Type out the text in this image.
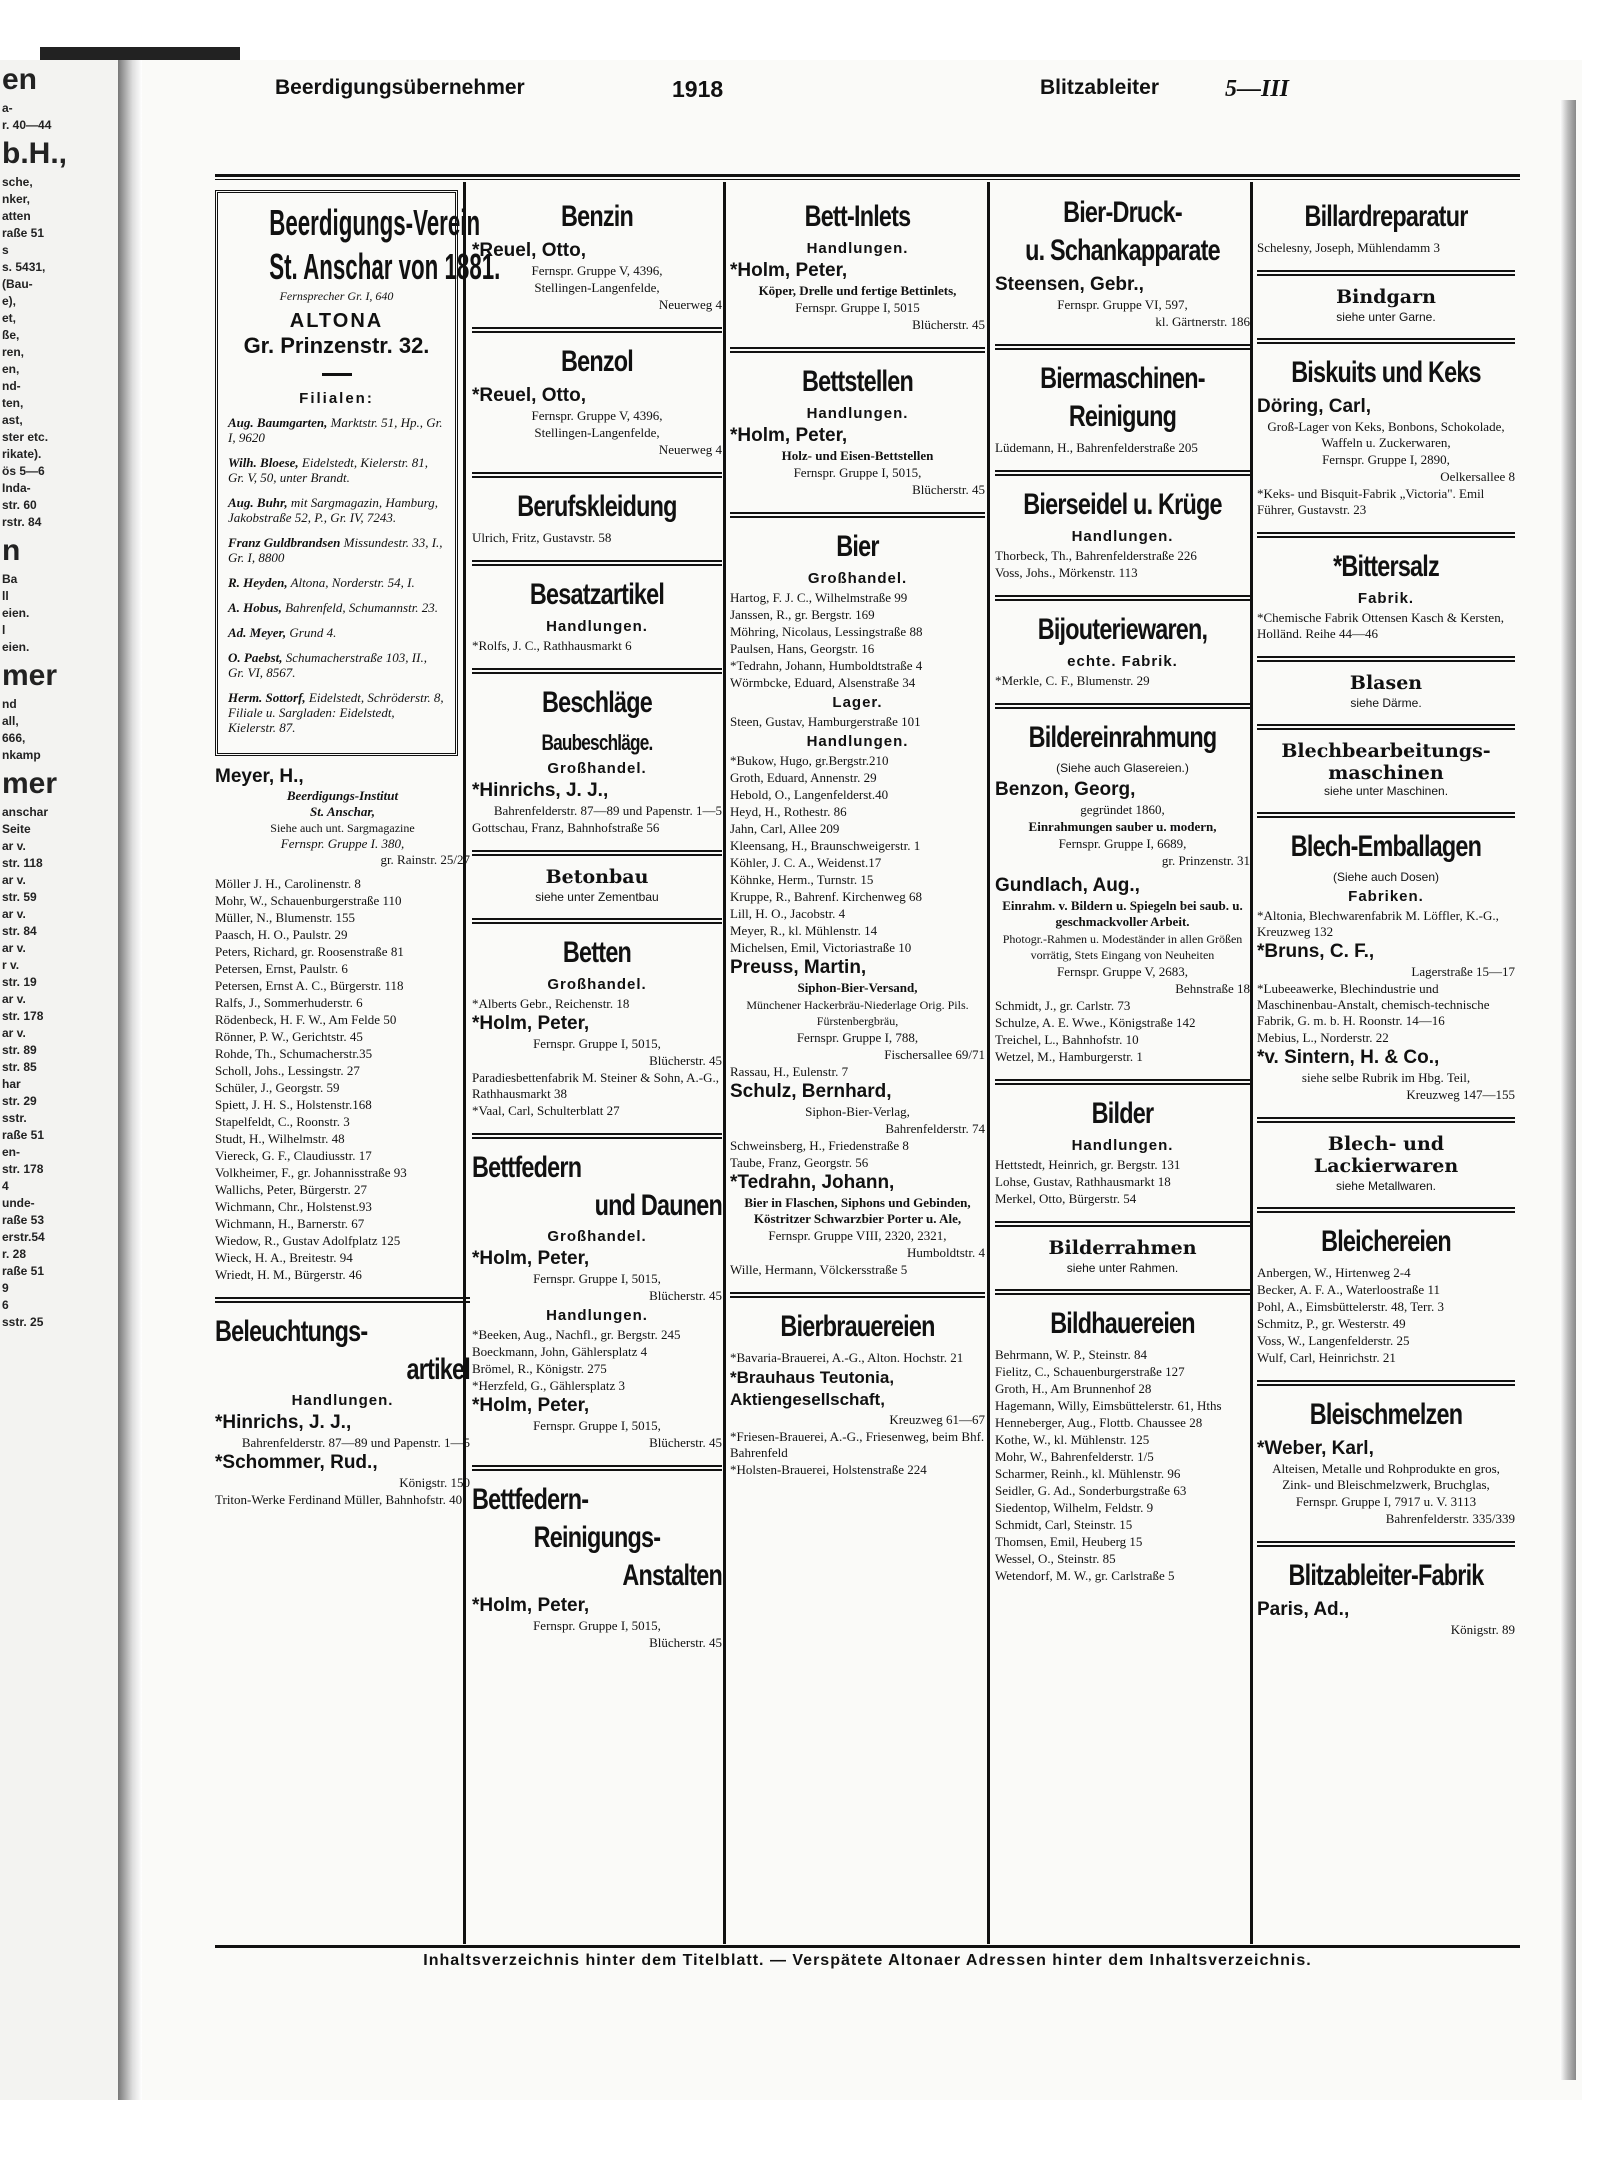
en
a-
r. 40—44
b.H.,
sche,
nker,
atten
raße 51
s
s. 5431,
(Bau-
e),
et,
ße,
ren,
en,
nd-
ten,
ast,
ster etc.
rikate).
ös 5—6
Inda-
str. 60
rstr. 84
n
Ba
ll
eien.
l
eien.
mer
nd
all,
666,
nkamp
mer
anschar
Seite
ar v.
str. 118
ar v.
str. 59
ar v.
str. 84
ar v.
r v.
str. 19
ar v.
str. 178
ar v.
str. 89
str. 85
har
str. 29
sstr.
raße 51
en-
str. 178
4
unde-
raße 53
erstr.54
r. 28
raße 51
9
6
sstr. 25
Beerdigungsübernehmer	1918	Blitzableiter	5—III
Inhaltsverzeichnis hinter dem Titelblatt. — Verspätete Altonaer Adressen hinter dem Inhaltsverzeichnis.
Beerdigungs-Verein
St. Anschar von 1881.
Fernsprecher Gr. I, 640
ALTONA
Gr. Prinzenstr. 32.
Filialen:
Aug. Baumgarten, Marktstr. 51, Hp., Gr. I, 9620
Wilh. Bloese, Eidelstedt, Kielerstr. 81, Gr. V, 50, unter Brandt.
Aug. Buhr, mit Sargmagazin, Hamburg, Jakobstraße 52, P., Gr. IV, 7243.
Franz Guldbrandsen Missundestr. 33, I., Gr. I, 8800
R. Heyden, Altona, Norderstr. 54, I.
A. Hobus, Bahrenfeld, Schumannstr. 23.
Ad. Meyer, Grund 4.
O. Paebst, Schumacherstraße 103, II., Gr. VI, 8567.
Herm. Sottorf, Eidelstedt, Schröderstr. 8, Filiale u. Sargladen: Eidelstedt, Kielerstr. 87.
Meyer, H.,
Beerdigungs-Institut
St. Anschar,
Siehe auch unt. Sargmagazine
Fernspr. Gruppe I. 380,
gr. Rainstr. 25/27
Möller J. H., Carolinenstr. 8
Mohr, W., Schauenburgerstraße 110
Müller, N., Blumenstr. 155
Paasch, H. O., Paulstr. 29
Peters, Richard, gr. Roosenstraße 81
Petersen, Ernst, Paulstr. 6
Petersen, Ernst A. C., Bürgerstr. 118
Ralfs, J., Sommerhuderstr. 6
Rödenbeck, H. F. W., Am Felde 50
Rönner, P. W., Gerichtstr. 45
Rohde, Th., Schumacherstr.35
Scholl, Johs., Lessingstr. 27
Schüler, J., Georgstr. 59
Spiett, J. H. S., Holstenstr.168
Stapelfeldt, C., Roonstr. 3
Studt, H., Wilhelmstr. 48
Viereck, G. F., Claudiusstr. 17
Volkheimer, F., gr. Johannisstraße 93
Wallichs, Peter, Bürgerstr. 27
Wichmann, Chr., Holstenst.93
Wichmann, H., Barnerstr. 67
Wiedow, R., Gustav Adolfplatz 125
Wieck, H. A., Breitestr. 94
Wriedt, H. M., Bürgerstr. 46
Beleuchtungs-
artikel
Handlungen.
*Hinrichs, J. J.,
Bahrenfelderstr. 87—89 und Papenstr. 1—5
*Schommer, Rud.,
Königstr. 150
Triton-Werke Ferdinand Müller, Bahnhofstr. 40
Benzin
*Reuel, Otto,
Fernspr. Gruppe V, 4396,
Stellingen-Langenfelde,
Neuerweg 4
Benzol
*Reuel, Otto,
Fernspr. Gruppe V, 4396,
Stellingen-Langenfelde,
Neuerweg 4
Berufskleidung
Ulrich, Fritz, Gustavstr. 58
Besatzartikel
Handlungen.
*Rolfs, J. C., Rathhausmarkt 6
Beschläge
Baubeschläge.
Großhandel.
*Hinrichs, J. J.,
Bahrenfelderstr. 87—89 und Papenstr. 1—5
Gottschau, Franz, Bahnhofstraße 56
Betonbau
siehe unter Zementbau
Betten
Großhandel.
*Alberts Gebr., Reichenstr. 18
*Holm, Peter,
Fernspr. Gruppe I, 5015,
Blücherstr. 45
Paradiesbettenfabrik M. Steiner & Sohn, A.-G., Rathhausmarkt 38
*Vaal, Carl, Schulterblatt 27
Bettfedern
und Daunen
Großhandel.
*Holm, Peter,
Fernspr. Gruppe I, 5015,
Blücherstr. 45
Handlungen.
*Beeken, Aug., Nachfl., gr. Bergstr. 245
Boeckmann, John, Gählersplatz 4
Brömel, R., Königstr. 275
*Herzfeld, G., Gählersplatz 3
*Holm, Peter,
Fernspr. Gruppe I, 5015,
Blücherstr. 45
Bettfedern-
Reinigungs-
Anstalten
*Holm, Peter,
Fernspr. Gruppe I, 5015,
Blücherstr. 45
Bett-Inlets
Handlungen.
*Holm, Peter,
Köper, Drelle und fertige Bettinlets,
Fernspr. Gruppe I, 5015
Blücherstr. 45
Bettstellen
Handlungen.
*Holm, Peter,
Holz- und Eisen-Bettstellen
Fernspr. Gruppe I, 5015,
Blücherstr. 45
Bier
Großhandel.
Hartog, F. J. C., Wilhelmstraße 99
Janssen, R., gr. Bergstr. 169
Möhring, Nicolaus, Lessingstraße 88
Paulsen, Hans, Georgstr. 16
*Tedrahn, Johann, Humboldtstraße 4
Wörmbcke, Eduard, Alsenstraße 34
Lager.
Steen, Gustav, Hamburgerstraße 101
Handlungen.
*Bukow, Hugo, gr.Bergstr.210
Groth, Eduard, Annenstr. 29
Hebold, O., Langenfelderst.40
Heyd, H., Rothestr. 86
Jahn, Carl, Allee 209
Kleensang, H., Braunschweigerstr. 1
Köhler, J. C. A., Weidenst.17
Köhnke, Herm., Turnstr. 15
Kruppe, R., Bahrenf. Kirchenweg 68
Lill, H. O., Jacobstr. 4
Meyer, R., kl. Mühlenstr. 14
Michelsen, Emil, Victoriastraße 10
Preuss, Martin,
Siphon-Bier-Versand,
Münchener Hackerbräu-Niederlage Orig. Pils. Fürstenbergbräu,
Fernspr. Gruppe I, 788,
Fischersallee 69/71
Rassau, H., Eulenstr. 7
Schulz, Bernhard,
Siphon-Bier-Verlag,
Bahrenfelderstr. 74
Schweinsberg, H., Friedenstraße 8
Taube, Franz, Georgstr. 56
*Tedrahn, Johann,
Bier in Flaschen, Siphons und Gebinden, Köstritzer Schwarzbier Porter u. Ale,
Fernspr. Gruppe VIII, 2320, 2321,
Humboldtstr. 4
Wille, Hermann, Völckersstraße 5
Bierbrauereien
*Bavaria-Brauerei, A.-G., Alton. Hochstr. 21
*Brauhaus Teutonia, Aktiengesellschaft,
Kreuzweg 61—67
*Friesen-Brauerei, A.-G., Friesenweg, beim Bhf. Bahrenfeld
*Holsten-Brauerei, Holstenstraße 224
Bier-Druck-
u. Schankapparate
Steensen, Gebr.,
Fernspr. Gruppe VI, 597,
kl. Gärtnerstr. 186
Biermaschinen-
Reinigung
Lüdemann, H., Bahrenfelderstraße 205
Bierseidel u. Krüge
Handlungen.
Thorbeck, Th., Bahrenfelderstraße 226
Voss, Johs., Mörkenstr. 113
Bijouteriewaren,
echte. Fabrik.
*Merkle, C. F., Blumenstr. 29
Bildereinrahmung
(Siehe auch Glasereien.)
Benzon, Georg,
gegründet 1860,
Einrahmungen sauber u. modern,
Fernspr. Gruppe I, 6689,
gr. Prinzenstr. 31
Gundlach, Aug.,
Einrahm. v. Bildern u. Spiegeln bei saub. u. geschmackvoller Arbeit.
Photogr.-Rahmen u. Modeständer in allen Größen vorrätig, Stets Eingang von Neuheiten
Fernspr. Gruppe V, 2683,
Behnstraße 18
Schmidt, J., gr. Carlstr. 73
Schulze, A. E. Wwe., Königstraße 142
Treichel, L., Bahnhofstr. 10
Wetzel, M., Hamburgerstr. 1
Bilder
Handlungen.
Hettstedt, Heinrich, gr. Bergstr. 131
Lohse, Gustav, Rathhausmarkt 18
Merkel, Otto, Bürgerstr. 54
Bilderrahmen
siehe unter Rahmen.
Bildhauereien
Behrmann, W. P., Steinstr. 84
Fielitz, C., Schauenburgerstraße 127
Groth, H., Am Brunnenhof 28
Hagemann, Willy, Eimsbüttelerstr. 61, Hths
Henneberger, Aug., Flottb. Chaussee 28
Kothe, W., kl. Mühlenstr. 125
Mohr, W., Bahrenfelderstr. 1/5
Scharmer, Reinh., kl. Mühlenstr. 96
Seidler, G. Ad., Sonderburgstraße 63
Siedentop, Wilhelm, Feldstr. 9
Schmidt, Carl, Steinstr. 15
Thomsen, Emil, Heuberg 15
Wessel, O., Steinstr. 85
Wetendorf, M. W., gr. Carlstraße 5
Billardreparatur
Schelesny, Joseph, Mühlendamm 3
Bindgarn
siehe unter Garne.
Biskuits und Keks
Döring, Carl,
Groß-Lager von Keks, Bonbons, Schokolade, Waffeln u. Zuckerwaren,
Fernspr. Gruppe I, 2890,
Oelkersallee 8
*Keks- und Bisquit-Fabrik „Victoria". Emil Führer, Gustavstr. 23
*Bittersalz
Fabrik.
*Chemische Fabrik Ottensen Kasch & Kersten, Holländ. Reihe 44—46
Blasen
siehe Därme.
Blechbearbeitungs-
maschinen
siehe unter Maschinen.
Blech-Emballagen
(Siehe auch Dosen)
Fabriken.
*Altonia, Blechwarenfabrik M. Löffler, K.-G., Kreuzweg 132
*Bruns, C. F.,
Lagerstraße 15—17
*Lubeeawerke, Blechindustrie und Maschinenbau-Anstalt, chemisch-technische Fabrik, G. m. b. H. Roonstr. 14—16
Mebius, L., Norderstr. 22
*v. Sintern, H. & Co.,
siehe selbe Rubrik im Hbg. Teil,
Kreuzweg 147—155
Blech- und Lackierwaren
siehe Metallwaren.
Bleichereien
Anbergen, W., Hirtenweg 2-4
Becker, A. F. A., Waterloostraße 11
Pohl, A., Eimsbüttelerstr. 48, Terr. 3
Schmitz, P., gr. Westerstr. 49
Voss, W., Langenfelderstr. 25
Wulf, Carl, Heinrichstr. 21
Bleischmelzen
*Weber, Karl,
Alteisen, Metalle und Rohprodukte en gros, Zink- und Bleischmelzwerk, Bruchglas,
Fernspr. Gruppe I, 7917 u. V. 3113
Bahrenfelderstr. 335/339
Blitzableiter-Fabrik
Paris, Ad.,
Königstr. 89
